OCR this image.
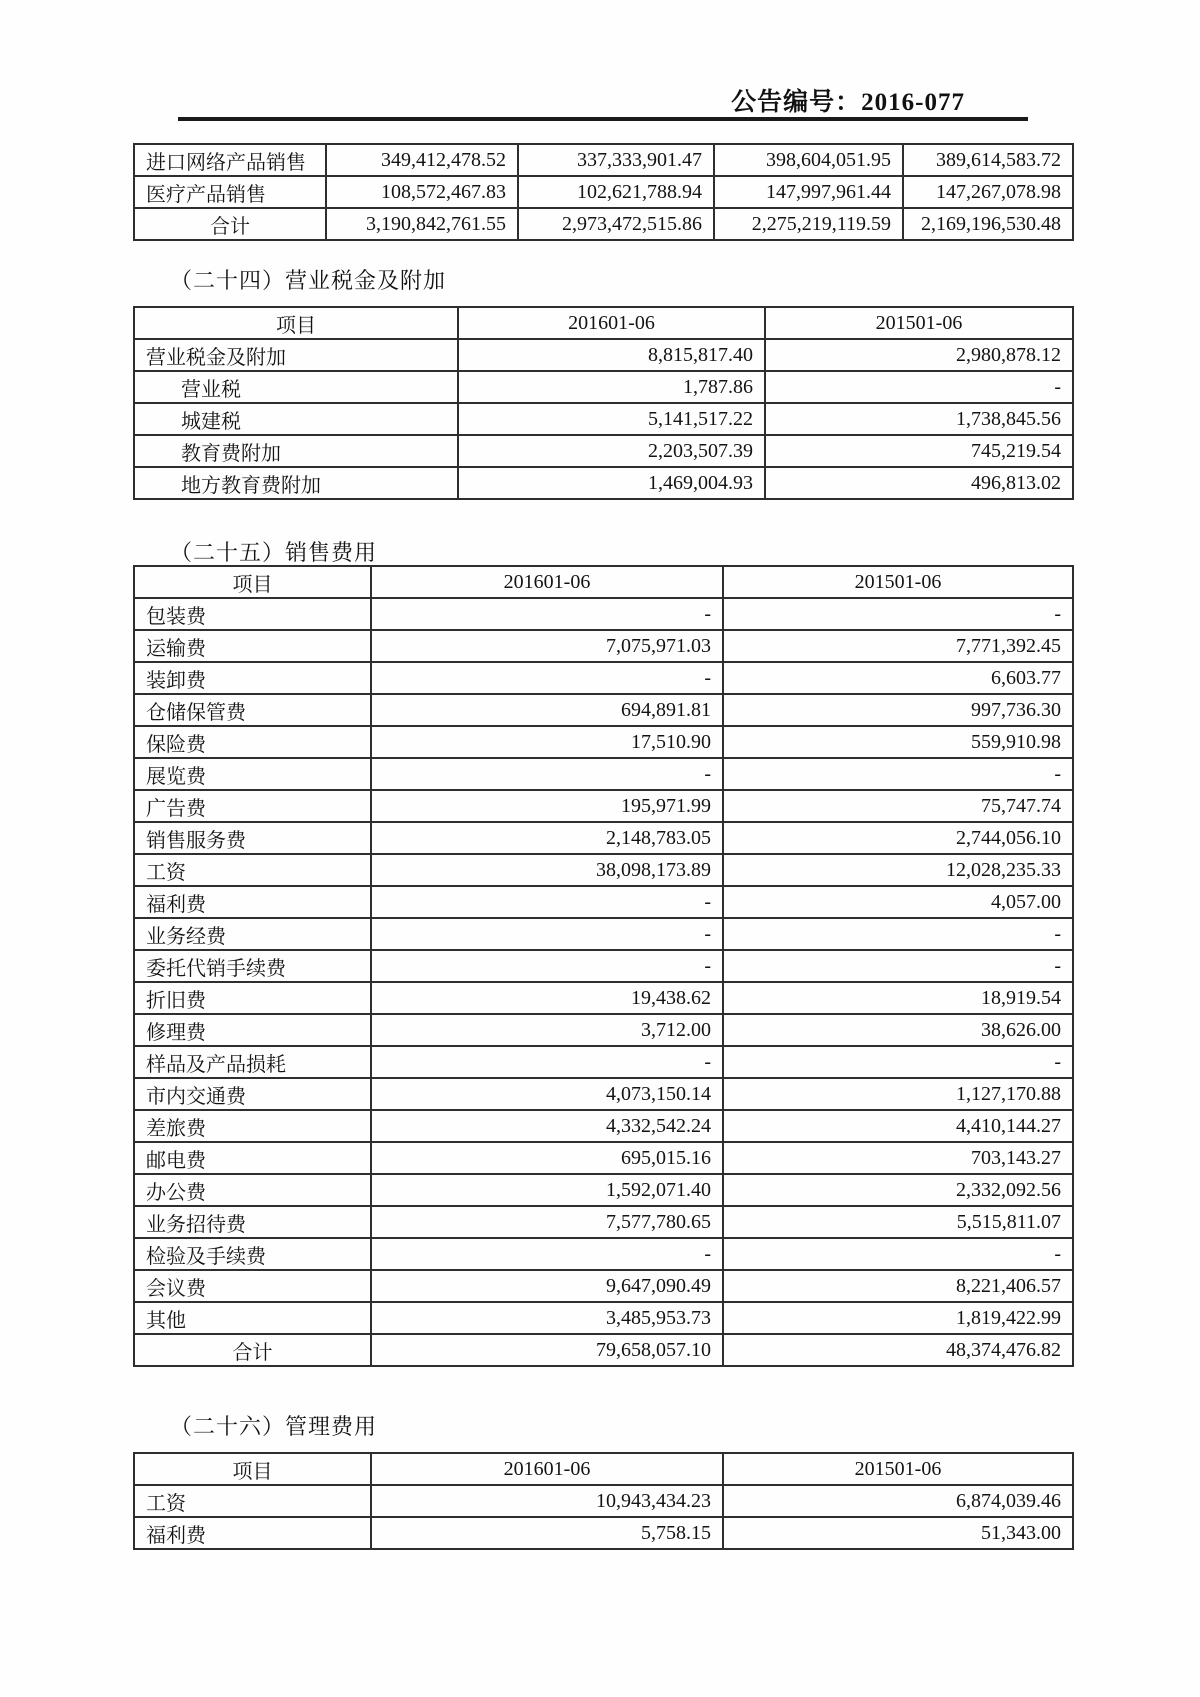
公告编号：2016-077
进口网络产品销售	349,412,478.52	337,333,901.47	398,604,051.95	389,614,583.72
医疗产品销售	108,572,467.83	102,621,788.94	147,997,961.44	147,267,078.98
合计	3,190,842,761.55	2,973,472,515.86	2,275,219,119.59	2,169,196,530.48
（二十四）营业税金及附加
项目	201601-06	201501-06
营业税金及附加	8,815,817.40	2,980,878.12
营业税	1,787.86	-
城建税	5,141,517.22	1,738,845.56
教育费附加	2,203,507.39	745,219.54
地方教育费附加	1,469,004.93	496,813.02
（二十五）销售费用
项目	201601-06	201501-06
包装费	-	-
运输费	7,075,971.03	7,771,392.45
装卸费	-	6,603.77
仓储保管费	694,891.81	997,736.30
保险费	17,510.90	559,910.98
展览费	-	-
广告费	195,971.99	75,747.74
销售服务费	2,148,783.05	2,744,056.10
工资	38,098,173.89	12,028,235.33
福利费	-	4,057.00
业务经费	-	-
委托代销手续费	-	-
折旧费	19,438.62	18,919.54
修理费	3,712.00	38,626.00
样品及产品损耗	-	-
市内交通费	4,073,150.14	1,127,170.88
差旅费	4,332,542.24	4,410,144.27
邮电费	695,015.16	703,143.27
办公费	1,592,071.40	2,332,092.56
业务招待费	7,577,780.65	5,515,811.07
检验及手续费	-	-
会议费	9,647,090.49	8,221,406.57
其他	3,485,953.73	1,819,422.99
合计	79,658,057.10	48,374,476.82
（二十六）管理费用
项目	201601-06	201501-06
工资	10,943,434.23	6,874,039.46
福利费	5,758.15	51,343.00
